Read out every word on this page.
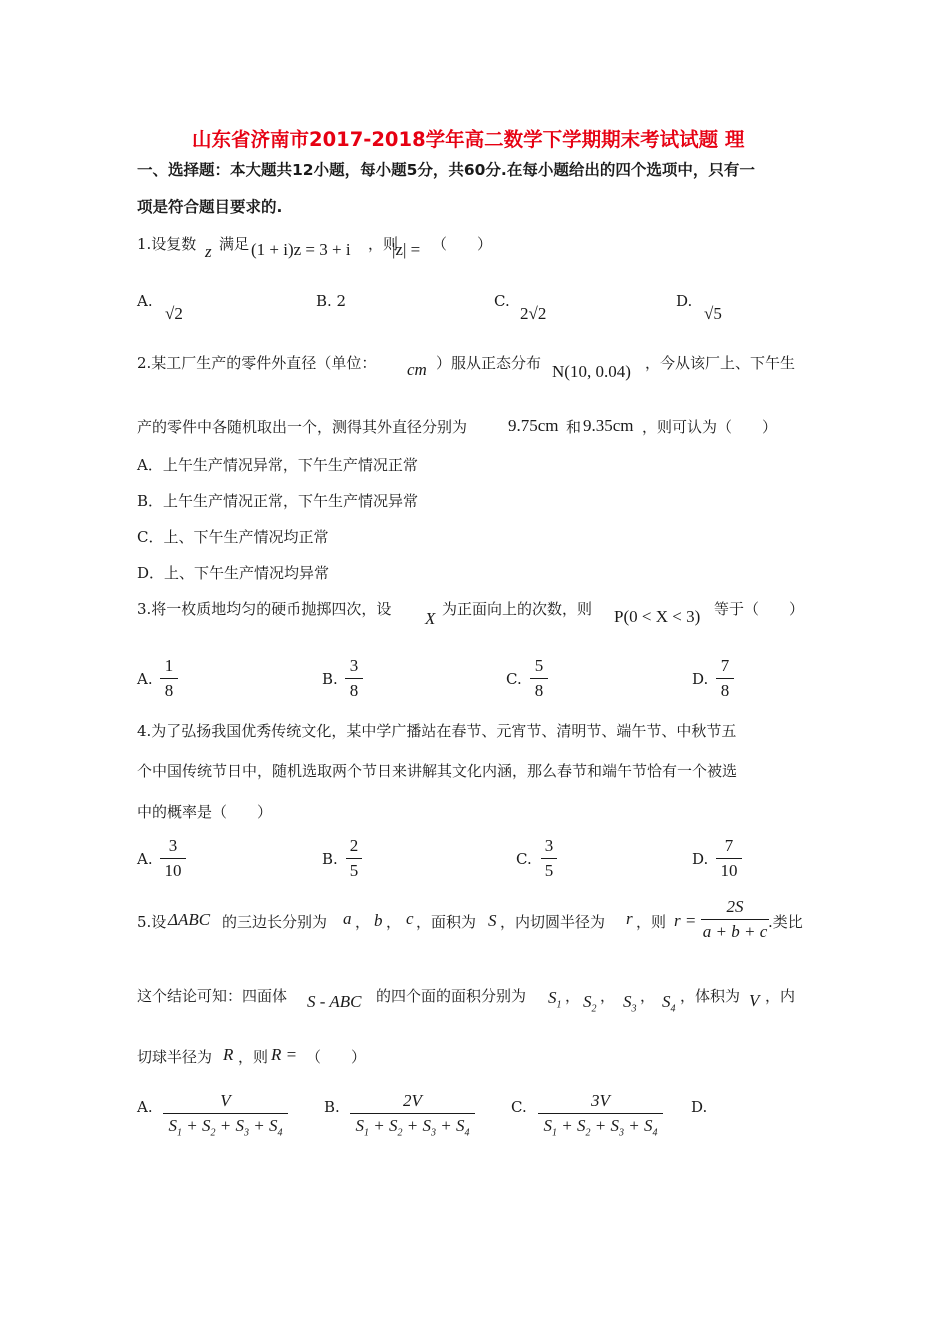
山东省济南市2017-2018学年高二数学下学期期末考试试题 理
一、选择题：本大题共12小题，每小题5分，共60分.在每小题给出的四个选项中，只有一
项是符合题目要求的.
1.设复数 z 满足 (1 + i)z = 3 + i ，则
|z| = （　　）
A.
√2
B. 2	C.
2√2
D.
√5
2.某工厂生产的零件外直径（单位： cm ）服从正态分布 N(10, 0.04) ，今从该厂上、下午生
产的零件中各随机取出一个，测得其外直径分别为 9.75cm 和 9.35cm ，则可认为（　　）
A．上午生产情况异常，下午生产情况正常
B．上午生产情况正常，下午生产情况异常
C．上、下午生产情况均正常
D．上、下午生产情况均异常
3.将一枚质地均匀的硬币抛掷四次，设 X 为正面向上的次数，则 P(0 < X < 3) 等于（　　）
A.
1
8
B.
3
8
C.
5
8
D.
7
8
4.为了弘扬我国优秀传统文化，某中学广播站在春节、元宵节、清明节、端午节、中秋节五
个中国传统节日中，随机选取两个节日来讲解其文化内涵，那么春节和端午节恰有一个被选
中的概率是（　　）
A.
3
10
B.
2
5
C.
3
5
D.
7
10
5.设 ΔABC 的三边长分别为 a ， b ， c ，面积为 S ，内切圆半径为 r ，则 r =
2S
a + b + c .类比
这个结论可知：四面体 S - ABC 的四个面的面积分别为 $S_1$ ， $S_2$
， $S_3$
， $S_4$
，体积为 V ，内
切球半径为 R ，则 R = （　　）
A.	V
$S_1 + S_2 + S_3 + S_4$
B.	2V
$S_1 + S_2 + S_3 + S_4$
C.	3V
$S_1 + S_2 + S_3 + S_4$
D.
